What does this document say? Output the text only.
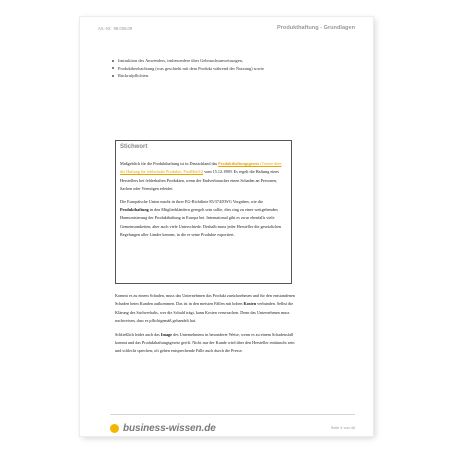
Art.-Nr.: 99.008.09	Produkthaftung - Grundlagen
Instruktion des Anwenders, insbesondere über Gebrauchsanweisungen,
Produktbeobachtung (was geschieht mit dem Produkt während der Nutzung) sowie
Rückrufpflichten.
Stichwort

Maßgeblich für die Produkthaftung ist in Deutschland das Produkthaftungsgesetz (Gesetz über die Haftung für fehlerhafte Produkte; ProdHaftG) vom 15.12.1989. Es regelt die Haftung eines Herstellers bei fehlerhaften Produkten, wenn der Endverbraucher einen Schaden an Personen, Sachen oder Vermögen erleidet.

Die Europäische Union macht in ihrer EG-Richtlinie 85/374/EWG Vorgaben, wie die Produkthaftung in den Mitgliedsländern geregelt sein sollte, dies ring zu einer weitgehenden Harmonisierung der Produkthaftung in Europa bei. International gibt es zwar ebenfalls viele Gemeinsamkeiten, aber auch viele Unterschiede. Deshalb muss jeder Hersteller die gesetzlichen Regelungen aller Länder kennen, in die er seine Produkte exportiert.

Kommt es zu einem Schaden, muss das Unternehmen das Produkt zurücknehmen und für den entstandenen Schaden beim Kunden aufkommen. Das ist in den meisten Fällen mit hohen Kosten verbunden. Selbst die Klärung des Sachverhalts, wer die Schuld trägt, kann Kosten verursachen. Denn das Unternehmen muss nachweisen, dass es pflichtgemäß gehandelt hat.

Schließlich leidet auch das Image des Unternehmens in besonderer Weise, wenn es zu einem Schadensfall kommt und das Produkthaftungsgesetz greift. Nicht nur der Kunde wird über den Hersteller enttäuscht sein und schlecht sprechen; oft gehen entsprechende Fälle auch durch die Presse.

business-wissen.de	Seite 4 von 46
